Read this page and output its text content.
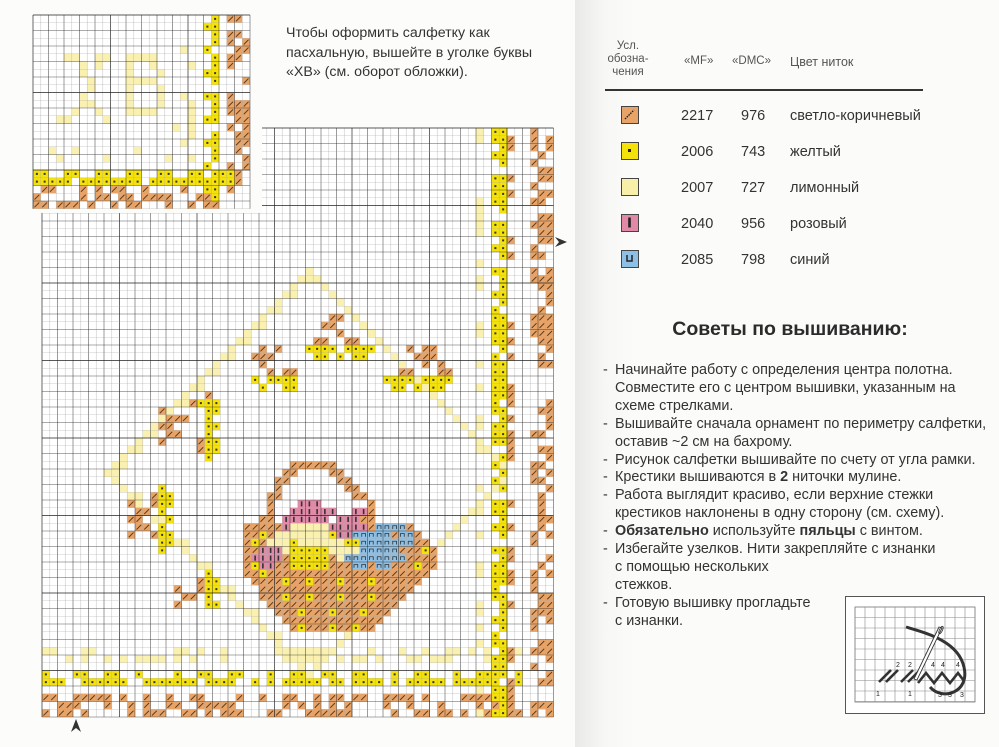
Чтобы оформить салфетку как пасхальную, вышейте в уголке буквы «ХВ» (см. оборот обложки).
Усл. обозна-чения
«MF» «DMC» Цвет ниток
2217 976 светло-коричневый
2006 743 желтый
2007 727 лимонный
2040 956 розовый
2085 798 синий
Советы по вышиванию:

- Начинайте работу с определения центра полотна. Совместите его с центром вышивки, указанным на схеме стрелками.

- Вышивайте сначала орнамент по периметру салфетки, оставив ~2 см на бахрому.

- Рисунок салфетки вышивайте по счету от угла рамки.

- Крестики вышиваются в 2 ниточки мулине.

- Работа выглядит красиво, если верхние стежки крестиков наклонены в одну сторону (см. схему).

- Обязательно используйте пяльцы с винтом.

- Избегайте узелков. Нити закрепляйте с изнанки
с помощью нескольких стежков.

- Готовую вышивку прогладьте с изнанки.

1
2 2
1
4 4 4
3 3 3
